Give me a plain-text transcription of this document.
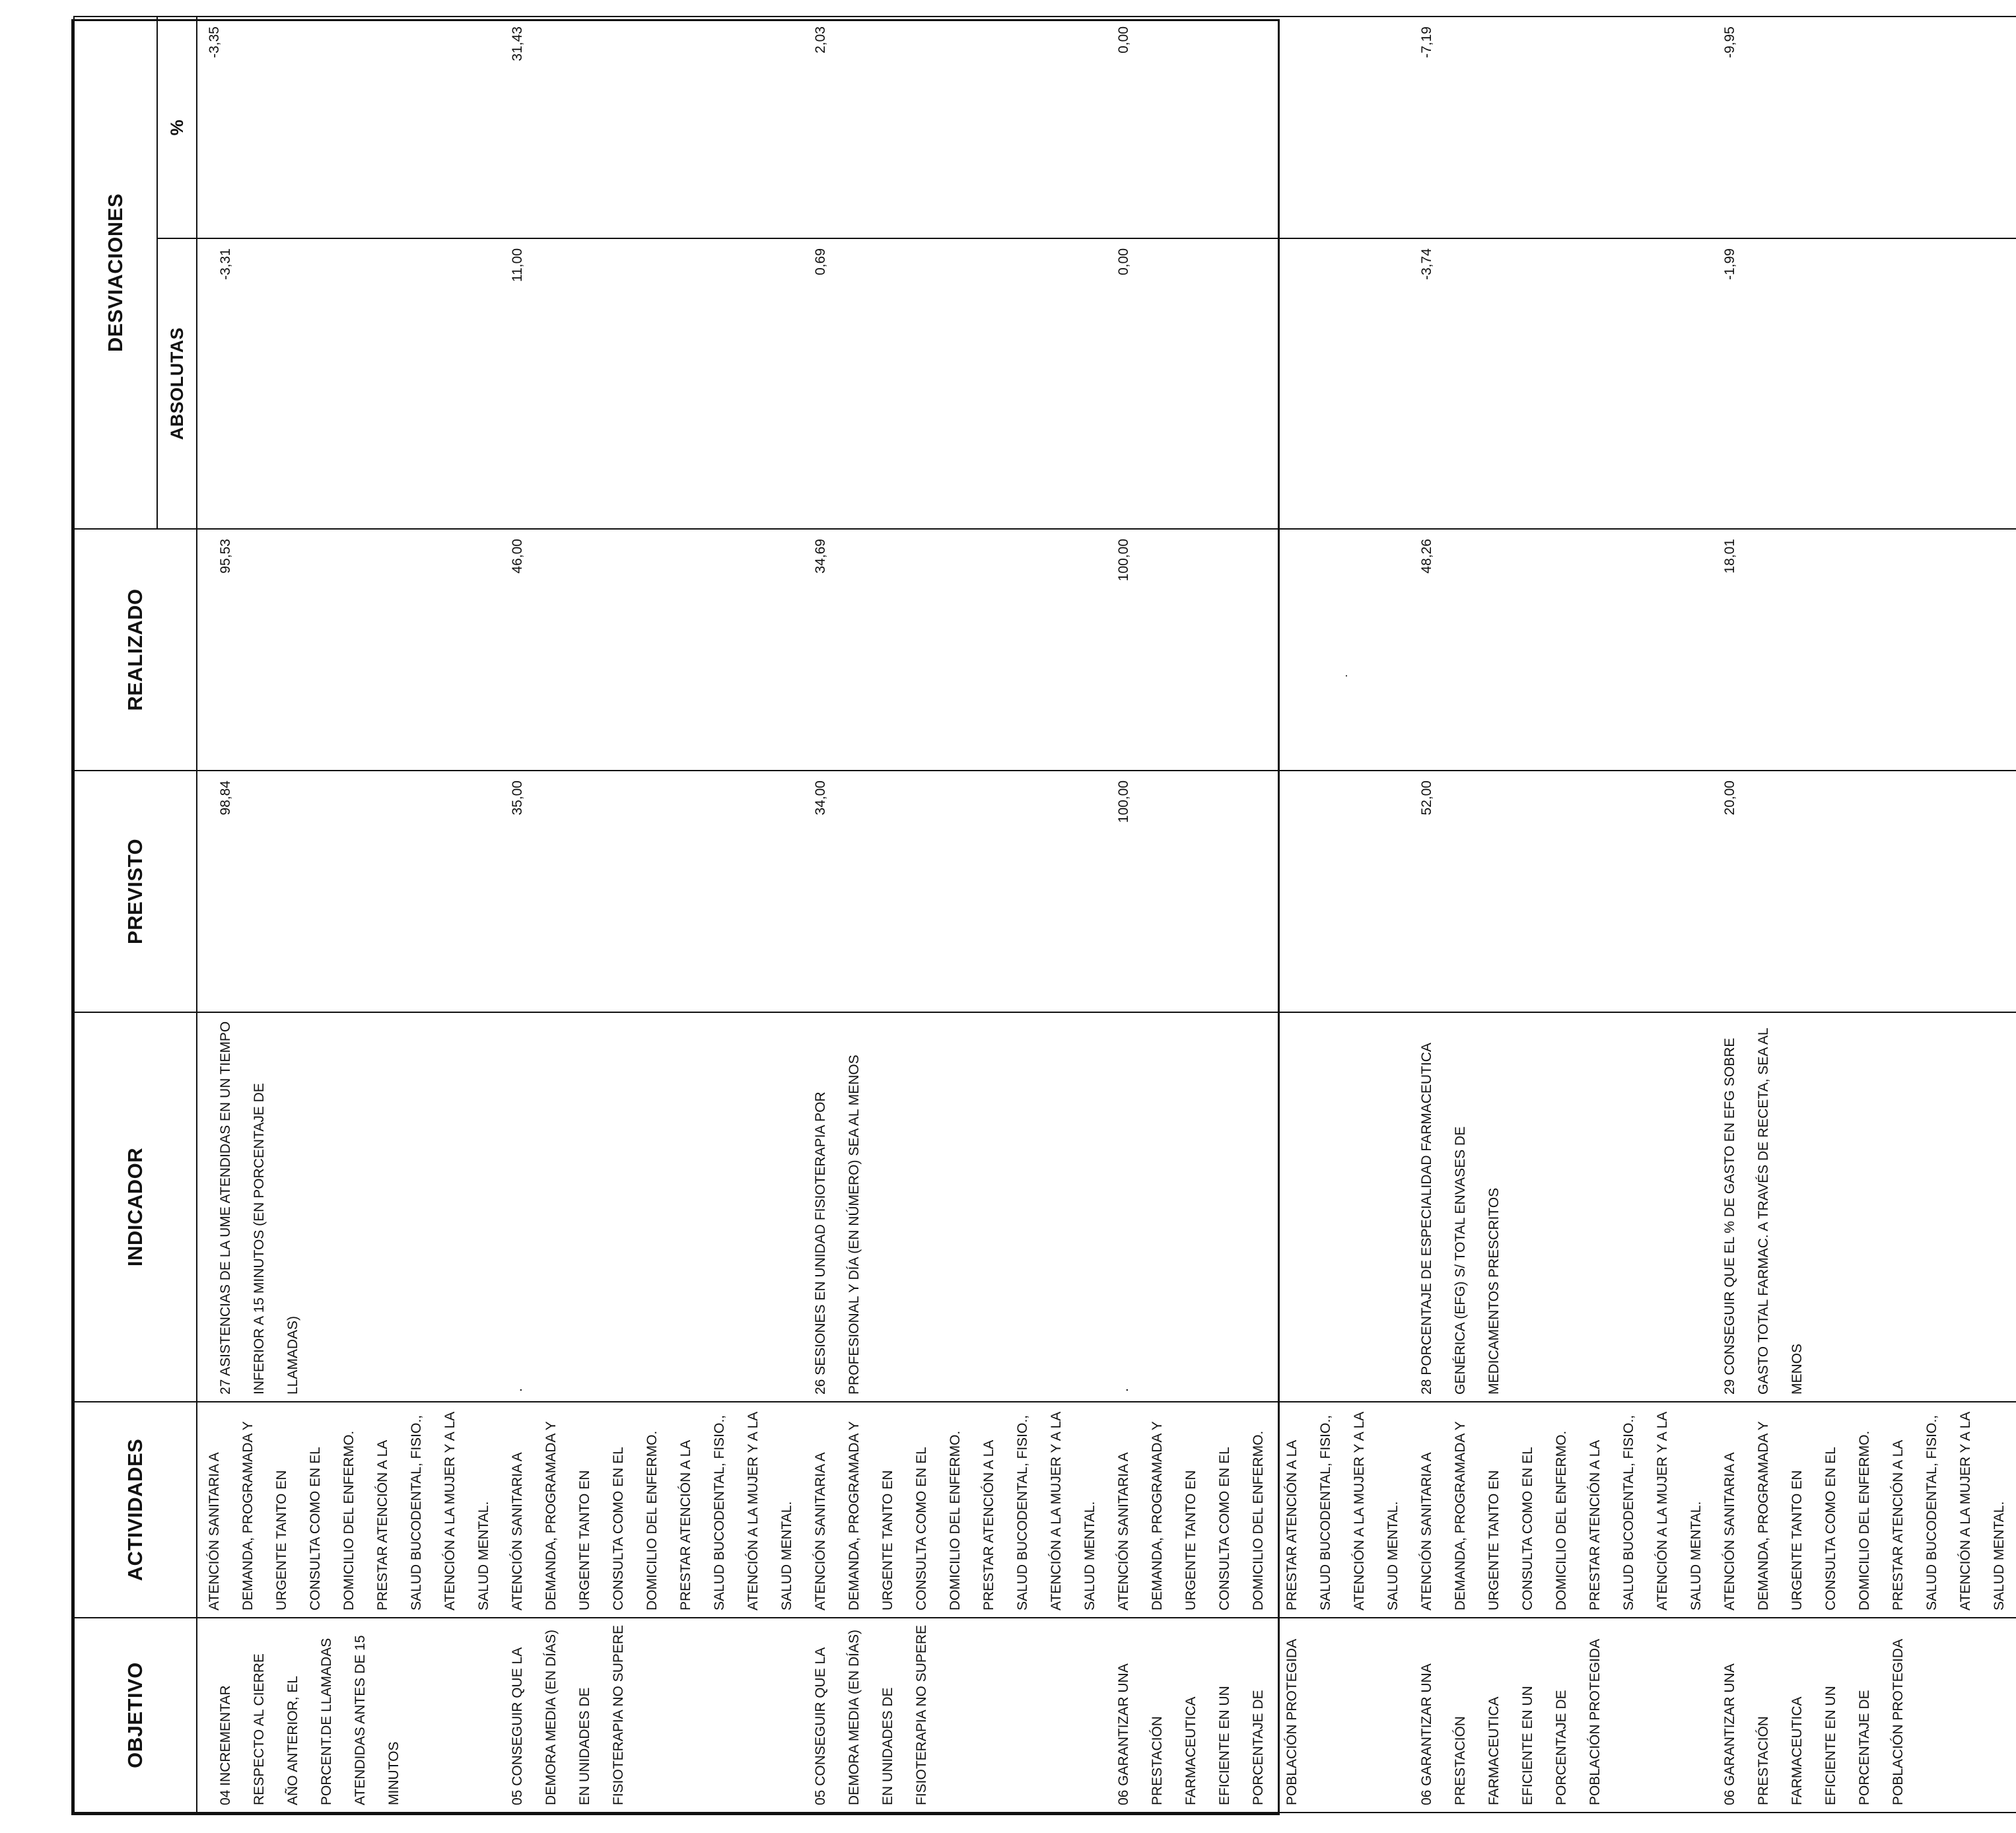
OBJETIVO	ACTIVIDADES	INDICADOR	PREVISTO	REALIZADO	DESVIACIONES	
					ABSOLUTAS	%

04 INCREMENTAR RESPECTO AL CIERRE AÑO ANTERIOR, EL PORCENT.DE LLAMADAS ATENDIDAS ANTES DE 15 MINUTOS	ATENCIÓN SANITARIA A DEMANDA, PROGRAMADA Y URGENTE TANTO EN CONSULTA COMO EN EL DOMICILIO DEL ENFERMO. PRESTAR ATENCIÓN A LA SALUD BUCODENTAL, FISIO., ATENCIÓN A LA MUJER Y A LA SALUD MENTAL.	27 ASISTENCIAS DE LA UME ATENDIDAS EN UN TIEMPO INFERIOR A 15 MINUTOS (EN PORCENTAJE DE LLAMADAS)	98,84	95,53	-3,31	-3,35

05 CONSEGUIR QUE LA DEMORA MEDIA (EN DÍAS) EN UNIDADES DE FISIOTERAPIA NO SUPERE	ATENCIÓN SANITARIA A DEMANDA, PROGRAMADA Y URGENTE TANTO EN CONSULTA COMO EN EL DOMICILIO DEL ENFERMO. PRESTAR ATENCIÓN A LA SALUD BUCODENTAL, FISIO., ATENCIÓN A LA MUJER Y A LA SALUD MENTAL.	.	35,00	46,00	11,00	31,43

05 CONSEGUIR QUE LA DEMORA MEDIA (EN DÍAS) EN UNIDADES DE FISIOTERAPIA NO SUPERE	ATENCIÓN SANITARIA A DEMANDA, PROGRAMADA Y URGENTE TANTO EN CONSULTA COMO EN EL DOMICILIO DEL ENFERMO. PRESTAR ATENCIÓN A LA SALUD BUCODENTAL, FISIO., ATENCIÓN A LA MUJER Y A LA SALUD MENTAL.	26 SESIONES EN UNIDAD FISIOTERAPIA POR PROFESIONAL Y DÍA (EN NÚMERO) SEA AL MENOS	34,00	34,69	0,69	2,03

06 GARANTIZAR UNA PRESTACIÓN FARMACEUTICA EFICIENTE EN UN PORCENTAJE DE POBLACIÓN PROTEGIDA	ATENCIÓN SANITARIA A DEMANDA, PROGRAMADA Y URGENTE TANTO EN CONSULTA COMO EN EL DOMICILIO DEL ENFERMO. PRESTAR ATENCIÓN A LA SALUD BUCODENTAL, FISIO., ATENCIÓN A LA MUJER Y A LA SALUD MENTAL.	.	100,00	100,00	0,00	0,00

06 GARANTIZAR UNA PRESTACIÓN FARMACEUTICA EFICIENTE EN UN PORCENTAJE DE POBLACIÓN PROTEGIDA	ATENCIÓN SANITARIA A DEMANDA, PROGRAMADA Y URGENTE TANTO EN CONSULTA COMO EN EL DOMICILIO DEL ENFERMO. PRESTAR ATENCIÓN A LA SALUD BUCODENTAL, FISIO., ATENCIÓN A LA MUJER Y A LA SALUD MENTAL.	28 PORCENTAJE DE ESPECIALIDAD FARMACEUTICA GENÉRICA (EFG) S/ TOTAL ENVASES DE MEDICAMENTOS PRESCRITOS	52,00	48,26	-3,74	-7,19

06 GARANTIZAR UNA PRESTACIÓN FARMACEUTICA EFICIENTE EN UN PORCENTAJE DE POBLACIÓN PROTEGIDA	ATENCIÓN SANITARIA A DEMANDA, PROGRAMADA Y URGENTE TANTO EN CONSULTA COMO EN EL DOMICILIO DEL ENFERMO. PRESTAR ATENCIÓN A LA SALUD BUCODENTAL, FISIO., ATENCIÓN A LA MUJER Y A LA SALUD MENTAL.	29 CONSEGUIR QUE EL % DE GASTO EN EFG SOBRE GASTO TOTAL FARMAC. A TRAVÉS DE RECETA, SEA AL MENOS	20,00	18,01	-1,99	-9,95
.
